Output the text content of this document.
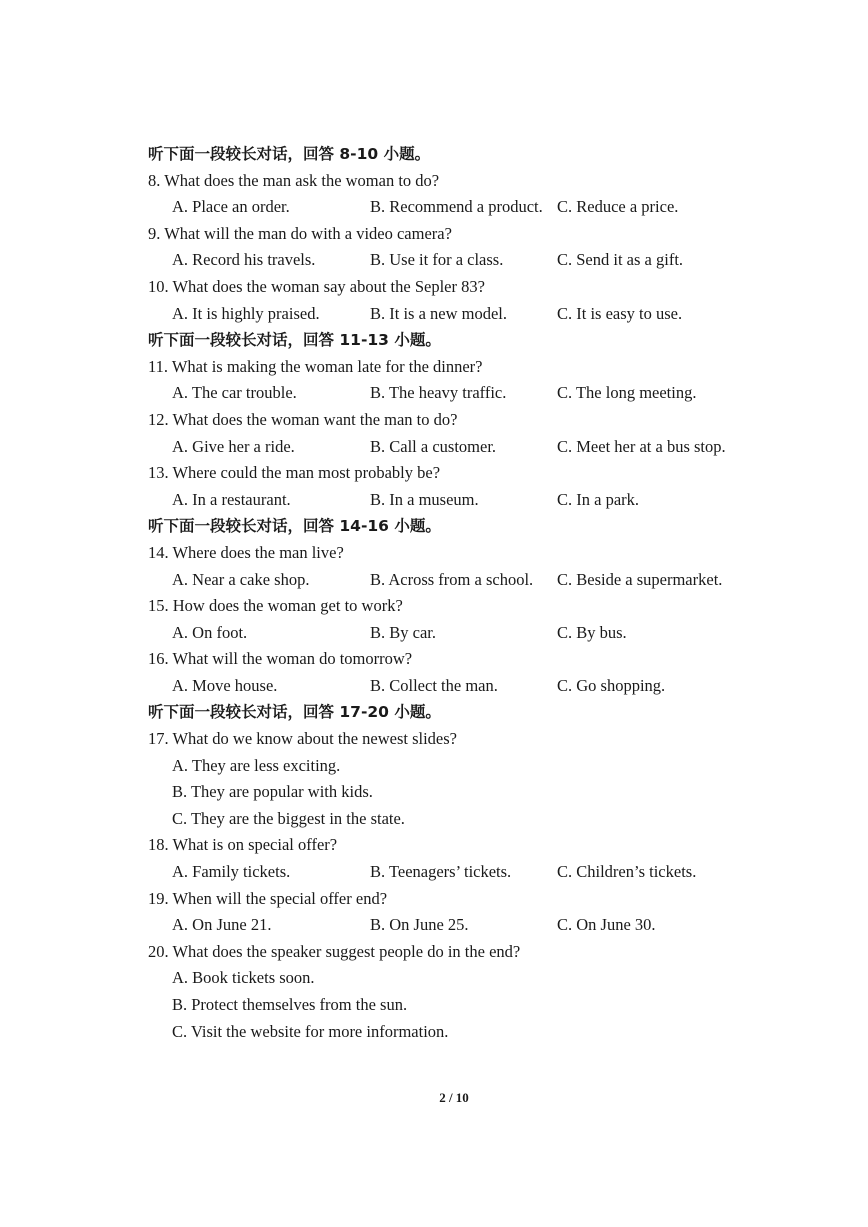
听下面一段较长对话，回答 8-10 小题。
8. What does the man ask the woman to do?
A. Place an order.	B. Recommend a product. C. Reduce a price.
9. What will the man do with a video camera?
A. Record his travels.	B. Use it for a class.	C. Send it as a gift.
10. What does the woman say about the Sepler 83?
A. It is highly praised.	B. It is a new model.	C. It is easy to use.
听下面一段较长对话，回答 11-13 小题。
11. What is making the woman late for the dinner?
A. The car trouble.	B. The heavy traffic.	C. The long meeting.
12. What does the woman want the man to do?
A. Give her a ride.	B. Call a customer.	C. Meet her at a bus stop.
13. Where could the man most probably be?
A. In a restaurant.	B. In a museum.	C. In a park.
听下面一段较长对话，回答 14-16 小题。
14. Where does the man live?
A. Near a cake shop.	B. Across from a school. C. Beside a supermarket.
15. How does the woman get to work?
A. On foot.	B. By car.	C. By bus.
16. What will the woman do tomorrow?
A. Move house.	B. Collect the man.	C. Go shopping.
听下面一段较长对话，回答 17-20 小题。
17. What do we know about the newest slides?
A. They are less exciting.
B. They are popular with kids.
C. They are the biggest in the state.
18. What is on special offer?
A. Family tickets.	B. Teenagers’ tickets.	C. Children’s tickets.
19. When will the special offer end?
A. On June 21.	B. On June 25.	C. On June 30.
20. What does the speaker suggest people do in the end?
A. Book tickets soon.
B. Protect themselves from the sun.
C. Visit the website for more information.
2 / 10
